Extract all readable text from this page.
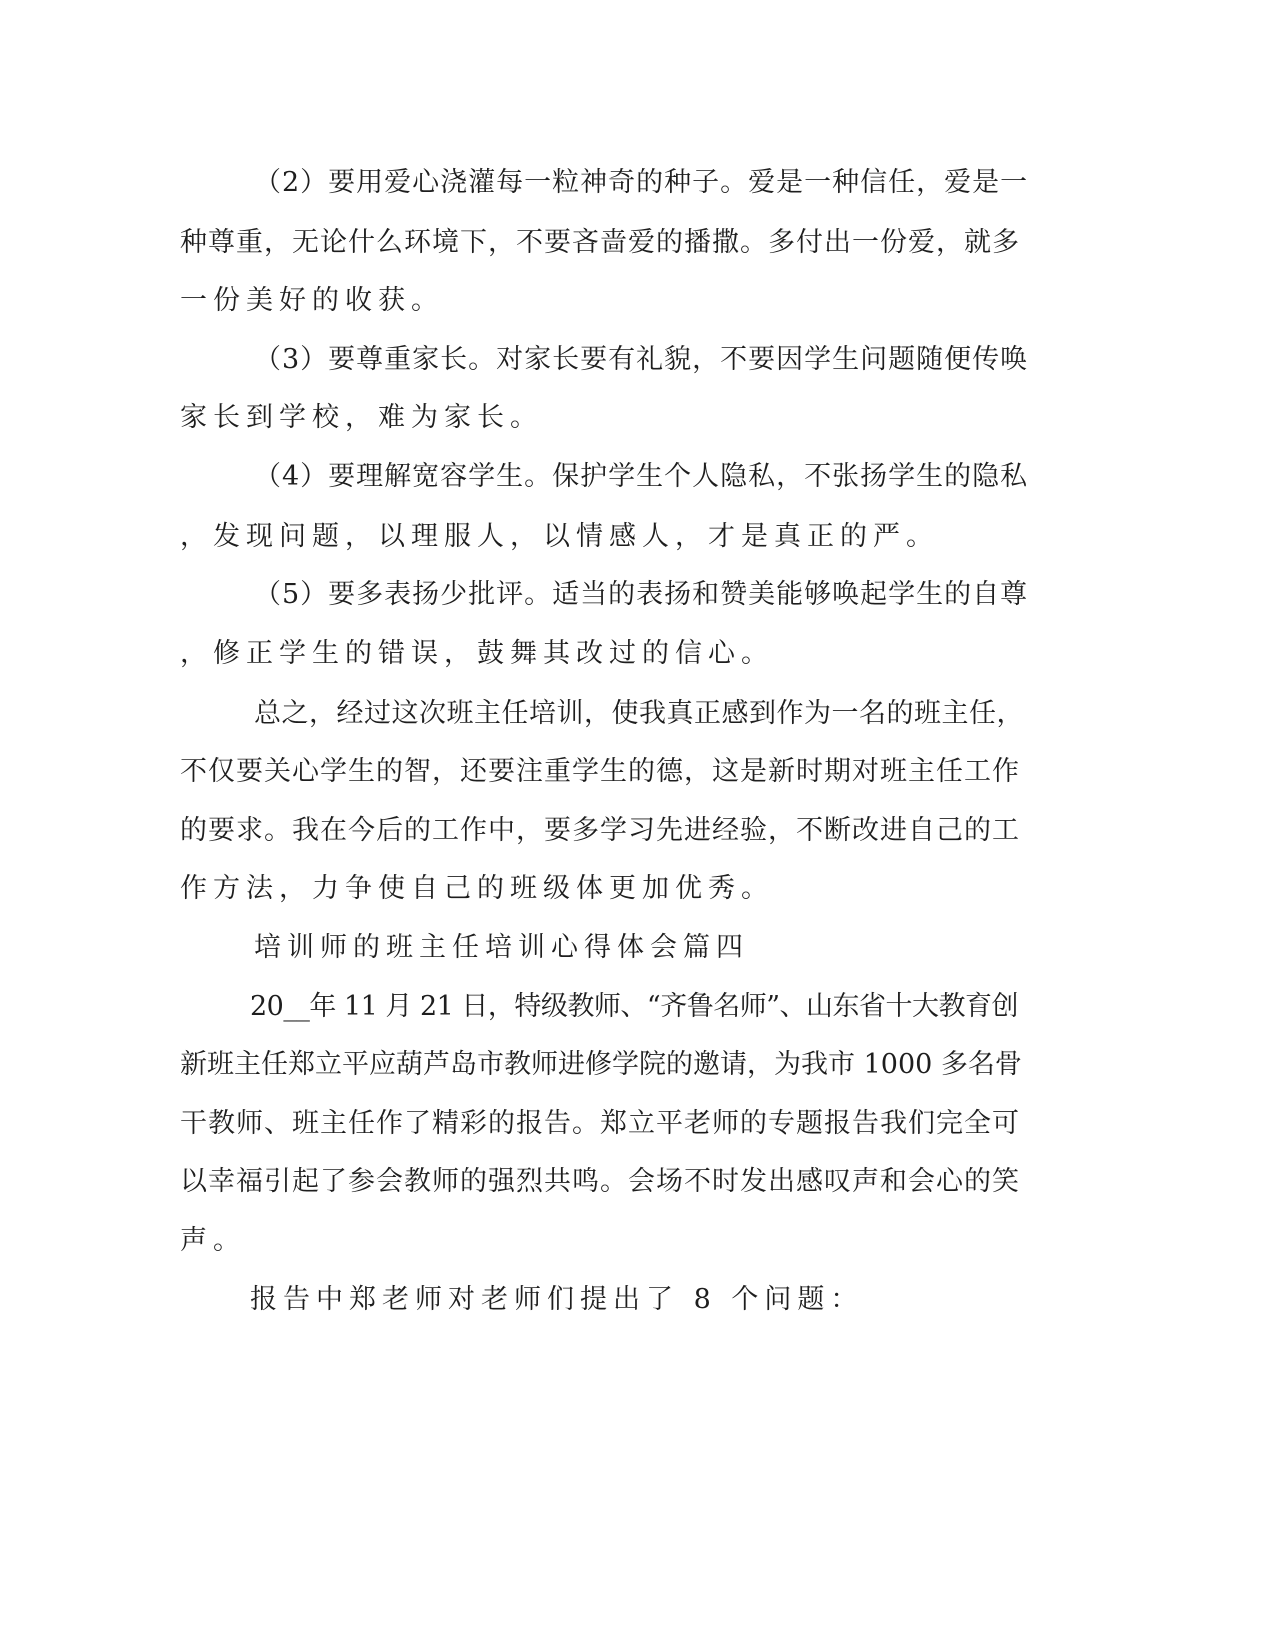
（2）要用爱心浇灌每一粒神奇的种子。爱是一种信任，爱是一
种尊重，无论什么环境下，不要吝啬爱的播撒。多付出一份爱，就多
一份美好的收获。
（3）要尊重家长。对家长要有礼貌，不要因学生问题随便传唤
家长到学校，难为家长。
（4）要理解宽容学生。保护学生个人隐私，不张扬学生的隐私
，发现问题，以理服人，以情感人，才是真正的严。
（5）要多表扬少批评。适当的表扬和赞美能够唤起学生的自尊
，修正学生的错误，鼓舞其改过的信心。
总之，经过这次班主任培训，使我真正感到作为一名的班主任，
不仅要关心学生的智，还要注重学生的德，这是新时期对班主任工作
的要求。我在今后的工作中，要多学习先进经验，不断改进自己的工
作方法，力争使自己的班级体更加优秀。
培训师的班主任培训心得体会篇四
20__年 11 月 21 日，特级教师、“齐鲁名师”、山东省十大教育创
新班主任郑立平应葫芦岛市教师进修学院的邀请，为我市 1000 多名骨
干教师、班主任作了精彩的报告。郑立平老师的专题报告我们完全可
以幸福引起了参会教师的强烈共鸣。会场不时发出感叹声和会心的笑
声。
报告中郑老师对老师们提出了 8 个问题：
